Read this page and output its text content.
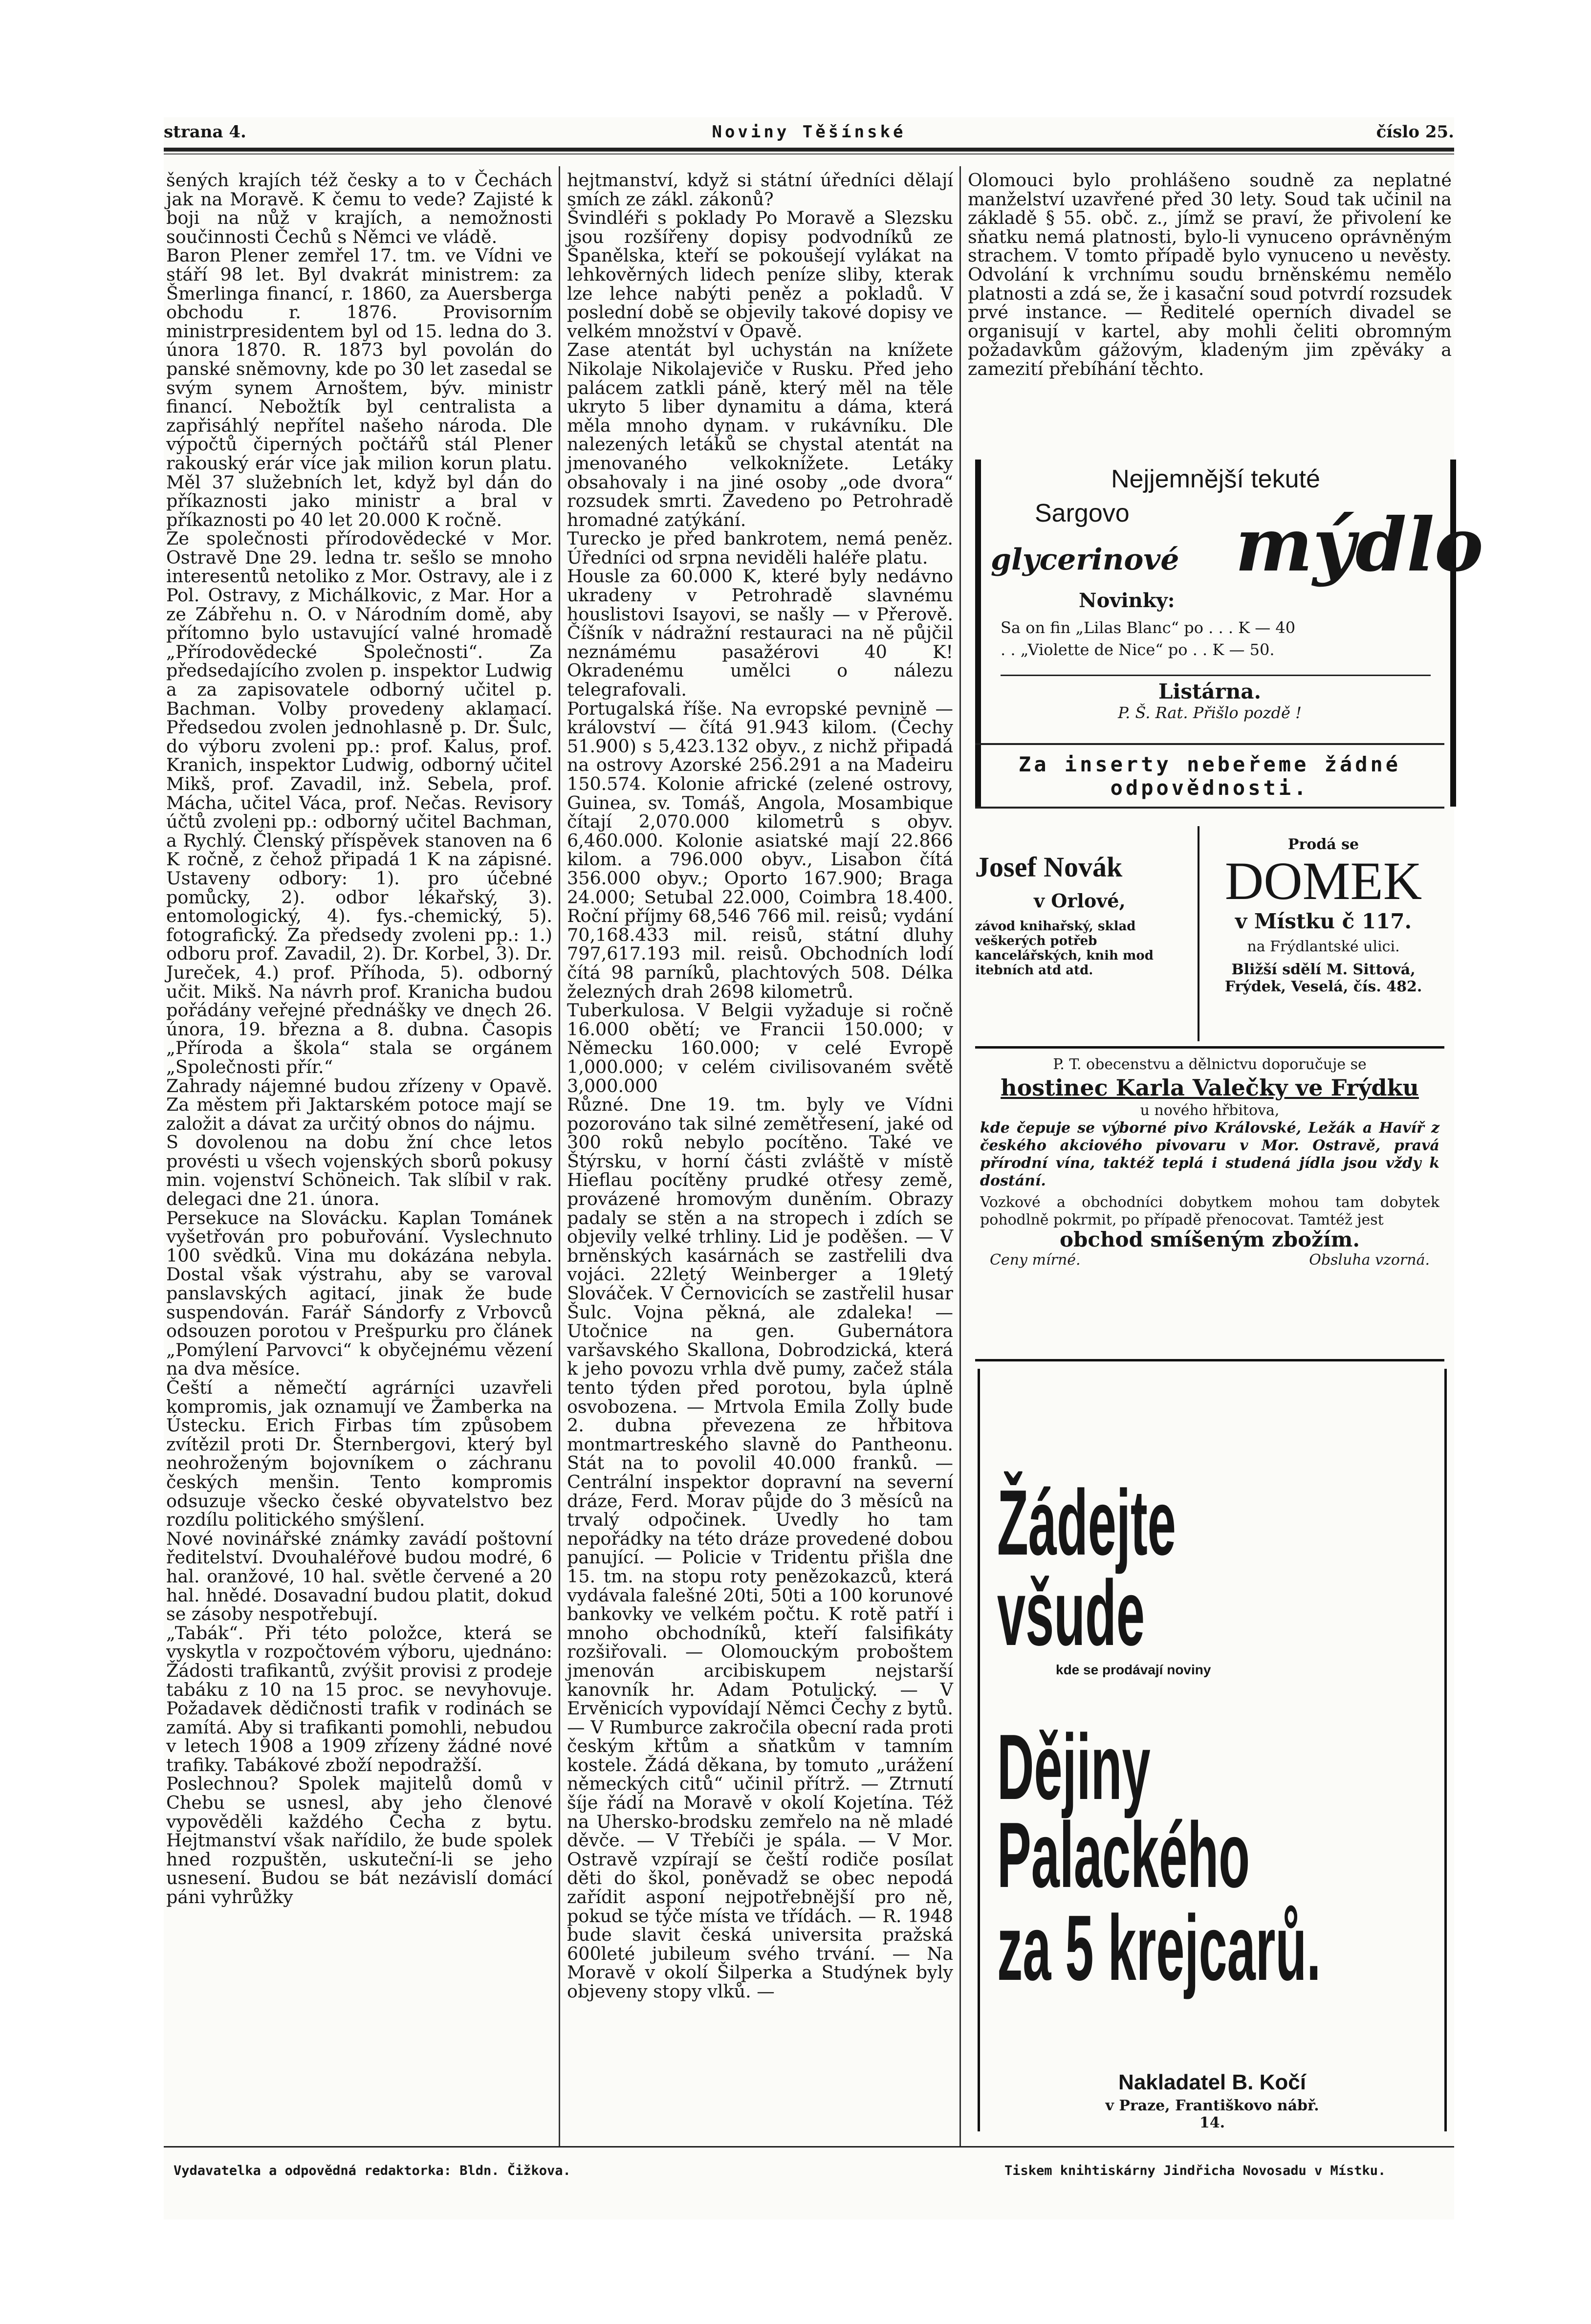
strana 4.	Noviny Těšínské	číslo 25.

šených krajích též česky a to v Čechách jak na Moravě. K čemu to vede? Zajisté k boji na nůž v krajích, a nemožnosti součinnosti Čechů s Němci ve vládě.

Baron Plener zemřel 17. tm. ve Vídni ve stáří 98 let. Byl dvakrát ministrem: za Šmerlinga financí, r. 1860, za Auersberga obchodu r. 1876. Provisorním ministrpresidentem byl od 15. ledna do 3. února 1870. R. 1873 byl povolán do panské sněmovny, kde po 30 let zasedal se svým synem Arnoštem, býv. ministr financí. Nebožtík byl centralista a zapřisáhlý nepřítel našeho národa. Dle výpočtů čiperných počtářů stál Plener rakouský erár více jak milion korun platu. Měl 37 služebních let, když byl dán do příkaznosti jako ministr a bral v příkaznosti po 40 let 20.000 K ročně.

Ze společnosti přírodovědecké v Mor. Ostravě Dne 29. ledna tr. sešlo se mnoho interesentů netoliko z Mor. Ostravy, ale i z Pol. Ostravy, z Michálkovic, z Mar. Hor a ze Zábřehu n. O. v Národním domě, aby přítomno bylo ustavující valné hromadě „Přírodovědecké Společnosti“. Za předsedajícího zvolen p. inspektor Ludwig a za zapisovatele odborný učitel p. Bachman. Volby provedeny aklamací. Předsedou zvolen jednohlasně p. Dr. Šulc, do výboru zvoleni pp.: prof. Kalus, prof. Kranich, inspektor Ludwig, odborný učitel Mikš, prof. Zavadil, inž. Sebela, prof. Mácha, učitel Váca, prof. Nečas. Revisory účtů zvoleni pp.: odborný učitel Bachman, a Rychlý. Členský příspěvek stanoven na 6 K ročně, z čehož připadá 1 K na zápisné. Ustaveny odbory: 1). pro účebné pomůcky, 2). odbor lékařský, 3). entomologický, 4). fys.-chemický, 5). fotografický. Za předsedy zvoleni pp.: 1.) odboru prof. Zavadil, 2). Dr. Korbel, 3). Dr. Jureček, 4.) prof. Příhoda, 5). odborný učit. Mikš. Na návrh prof. Kranicha budou pořádány veřejné přednášky ve dnech 26. února, 19. března a 8. dubna. Časopis „Příroda a škola“ stala se orgánem „Společnosti přír.“

Zahrady nájemné budou zřízeny v Opavě. Za městem při Jaktarském potoce mají se založit a dávat za určitý obnos do nájmu.

S dovolenou na dobu žní chce letos provésti u všech vojenských sborů pokusy min. vojenství Schöneich. Tak slíbil v rak. delegaci dne 21. února.

Persekuce na Slovácku. Kaplan Tománek vyšetřován pro pobuřování. Vyslechnuto 100 svědků. Vina mu dokázána nebyla. Dostal však výstrahu, aby se varoval panslavských agitací, jinak že bude suspendován. Farář Sándorfy z Vrbovců odsouzen porotou v Prešpurku pro článek „Pomýlení Parvovci“ k obyčejnému vězení na dva měsíce.

Čeští a němečtí agrárníci uzavřeli kompromis, jak oznamují ve Žamberka na Ústecku. Erich Firbas tím způsobem zvítězil proti Dr. Šternbergovi, který byl neohroženým bojovníkem o záchranu českých menšin. Tento kompromis odsuzuje všecko české obyvatelstvo bez rozdílu politického smýšlení.

Nové novinářské známky zavádí poštovní ředitelství. Dvouhaléřové budou modré, 6 hal. oranžové, 10 hal. světle červené a 20 hal. hnědé. Dosavadní budou platit, dokud se zásoby nespotřebují.

„Tabák“. Při této položce, která se vyskytla v rozpočtovém výboru, ujednáno: Žádosti trafikantů, zvýšit provisi z prodeje tabáku z 10 na 15 proc. se nevyhovuje. Požadavek dědičnosti trafik v rodinách se zamítá. Aby si trafikanti pomohli, nebudou v letech 1908 a 1909 zřízeny žádné nové trafiky. Tabákové zboží nepodražší.

Poslechnou? Spolek majitelů domů v Chebu se usnesl, aby jeho členové vypověděli každého Čecha z bytu. Hejtmanství však nařídilo, že bude spolek hned rozpuštěn, uskuteční-li se jeho usnesení. Budou se bát nezávislí domácí páni vyhrůžky

hejtmanství, když si státní úředníci dělají smích ze zákl. zákonů?

Švindléři s poklady Po Moravě a Slezsku jsou rozšířeny dopisy podvodníků ze Španělska, kteří se pokoušejí vylákat na lehkověrných lidech peníze sliby, kterak lze lehce nabýti peněz a pokladů. V poslední době se objevily takové dopisy ve velkém množství v Opavě.

Zase atentát byl uchystán na knížete Nikolaje Nikolajeviče v Rusku. Před jeho palácem zatkli páně, který měl na těle ukryto 5 liber dynamitu a dáma, která měla mnoho dynam. v rukávníku. Dle nalezených letáků se chystal atentát na jmenovaného velkoknížete. Letáky obsahovaly i na jiné osoby „ode dvora“ rozsudek smrti. Zavedeno po Petrohradě hromadné zatýkání.

Turecko je před bankrotem, nemá peněz. Úředníci od srpna neviděli haléře platu.

Housle za 60.000 K, které byly nedávno ukradeny v Petrohradě slavnému houslistovi Isayovi, se našly — v Přerově. Číšník v nádražní restauraci na ně půjčil neznámému pasažérovi 40 K! Okradenému umělci o nálezu telegrafovali.

Portugalská říše. Na evropské pevnině — království — čítá 91.943 kilom. (Čechy 51.900) s 5,423.132 obyv., z nichž připadá na ostrovy Azorské 256.291 a na Madeiru 150.574. Kolonie africké (zelené ostrovy, Guinea, sv. Tomáš, Angola, Mosambique čítají 2,070.000 kilometrů s obyv. 6,460.000. Kolonie asiatské mají 22.866 kilom. a 796.000 obyv., Lisabon čítá 356.000 obyv.; Oporto 167.900; Braga 24.000; Setubal 22.000, Coimbra 18.400. Roční příjmy 68,546 766 mil. reisů; vydání 70,168.433 mil. reisů, státní dluhy 797,617.193 mil. reisů. Obchodních lodí čítá 98 parníků, plachtových 508. Délka železných drah 2698 kilometrů.

Tuberkulosa. V Belgii vyžaduje si ročně 16.000 obětí; ve Francii 150.000; v Německu 160.000; v celé Evropě 1,000.000; v celém civilisovaném světě 3,000.000

Různé. Dne 19. tm. byly ve Vídni pozorováno tak silné zemětřesení, jaké od 300 roků nebylo pocítěno. Také ve Štýrsku, v horní části zvláště v místě Hieflau pocítěny prudké otřesy země, provázené hromovým duněním. Obrazy padaly se stěn a na stropech i zdích se objevily velké trhliny. Lid je poděšen. — V brněnských kasárnách se zastřelili dva vojáci. 22letý Weinberger a 19letý Slováček. V Černovicích se zastřelil husar Šulc. Vojna pěkná, ale zdaleka! — Utočnice na gen. Gubernátora varšavského Skallona, Dobrodzická, která k jeho povozu vrhla dvě pumy, začež stála tento týden před porotou, byla úplně osvobozena. — Mrtvola Emila Zolly bude 2. dubna převezena ze hřbitova montmartreského slavně do Pantheonu. Stát na to povolil 40.000 franků. — Centrální inspektor dopravní na severní dráze, Ferd. Morav půjde do 3 měsíců na trvalý odpočinek. Uvedly ho tam nepořádky na této dráze provedené dobou panující. — Policie v Tridentu přišla dne 15. tm. na stopu roty penězokazců, která vydávala falešné 20ti, 50ti a 100 korunové bankovky ve velkém počtu. K rotě patří i mnoho obchodníků, kteří falsifikáty rozšiřovali. — Olomouckým proboštem jmenován arcibiskupem nejstarší kanovník hr. Adam Potulický. — V Ervěnicích vypovídají Němci Čechy z bytů. — V Rumburce zakročila obecní rada proti českým křtům a sňatkům v tamním kostele. Žádá děkana, by tomuto „urážení německých citů“ učinil přítrž. — Ztrnutí šíje řádí na Moravě v okolí Kojetína. Též na Uhersko-brodsku zemřelo na ně mladé děvče. — V Třebíči je spála. — V Mor. Ostravě vzpírají se čeští rodiče posílat děti do škol, poněvadž se obec nepodá zařídit asponí nejpotřebnější pro ně, pokud se týče místa ve třídách. — R. 1948 bude slavit česká universita pražská 600leté jubileum svého trvání. — Na Moravě v okolí Šilperka a Studýnek byly objeveny stopy vlků. —

Olomouci bylo prohlášeno soudně za neplatné manželství uzavřené před 30 lety. Soud tak učinil na základě § 55. obč. z., jímž se praví, že přivolení ke sňatku nemá platnosti, bylo-li vynuceno oprávněným strachem. V tomto případě bylo vynuceno u nevěsty. Odvolání k vrchnímu soudu brněnskému nemělo platnosti a zdá se, že i kasační soud potvrdí rozsudek prvé instance. — Ředitelé operních divadel se organisují v kartel, aby mohli čeliti obromným požadavkům gážovým, kladeným jim zpěváky a zamezití přebíhání těchto.

Nejjemnější tekuté
Sargovo
glycerinové mýdlo
Novinky:
Sa on fin „Lilas Blanc“ po . . . K — 40
. . „Violette de Nice“ po . . K — 50.
Listárna.
P. Š. Rat. Přišlo pozdě !
Za inserty nebeřeme žádné
odpovědnosti.
Josef Novák
v Orlové,
závod knihařský, sklad veškerých potřeb kancelářských, knih mod itebních atd atd.
Prodá se
DOMEK
v Místku č 117.
na Frýdlantské ulici.
Bližší sdělí M. Sittová,
Frýdek, Veselá, čís. 482.
P. T. obecenstvu a dělnictvu doporučuje se
hostinec Karla Valečky ve Frýdku
u nového hřbitova,
kde čepuje se výborné pivo Královské, Ležák a Havíř z českého akciového pivovaru v Mor. Ostravě, pravá přírodní vína, taktéž teplá i studená jídla jsou vždy k dostání.
Vozkové a obchodníci dobytkem mohou tam dobytek pohodlně pokrmit, po případě přenocovat. Tamtéž jest
obchod smíšeným zbožím.
Ceny mírné.	Obsluha vzorná.
Žádejte
všude
kde se prodávají noviny
Dějiny
Palackého
za 5 krejcarů.
Nakladatel B. Kočí
v Praze, Františkovo nábř.
14.
Vydavatelka a odpovědná redaktorka: Bldn. Čižkova.	Tiskem knihtiskárny Jindřicha Novosadu v Místku.
